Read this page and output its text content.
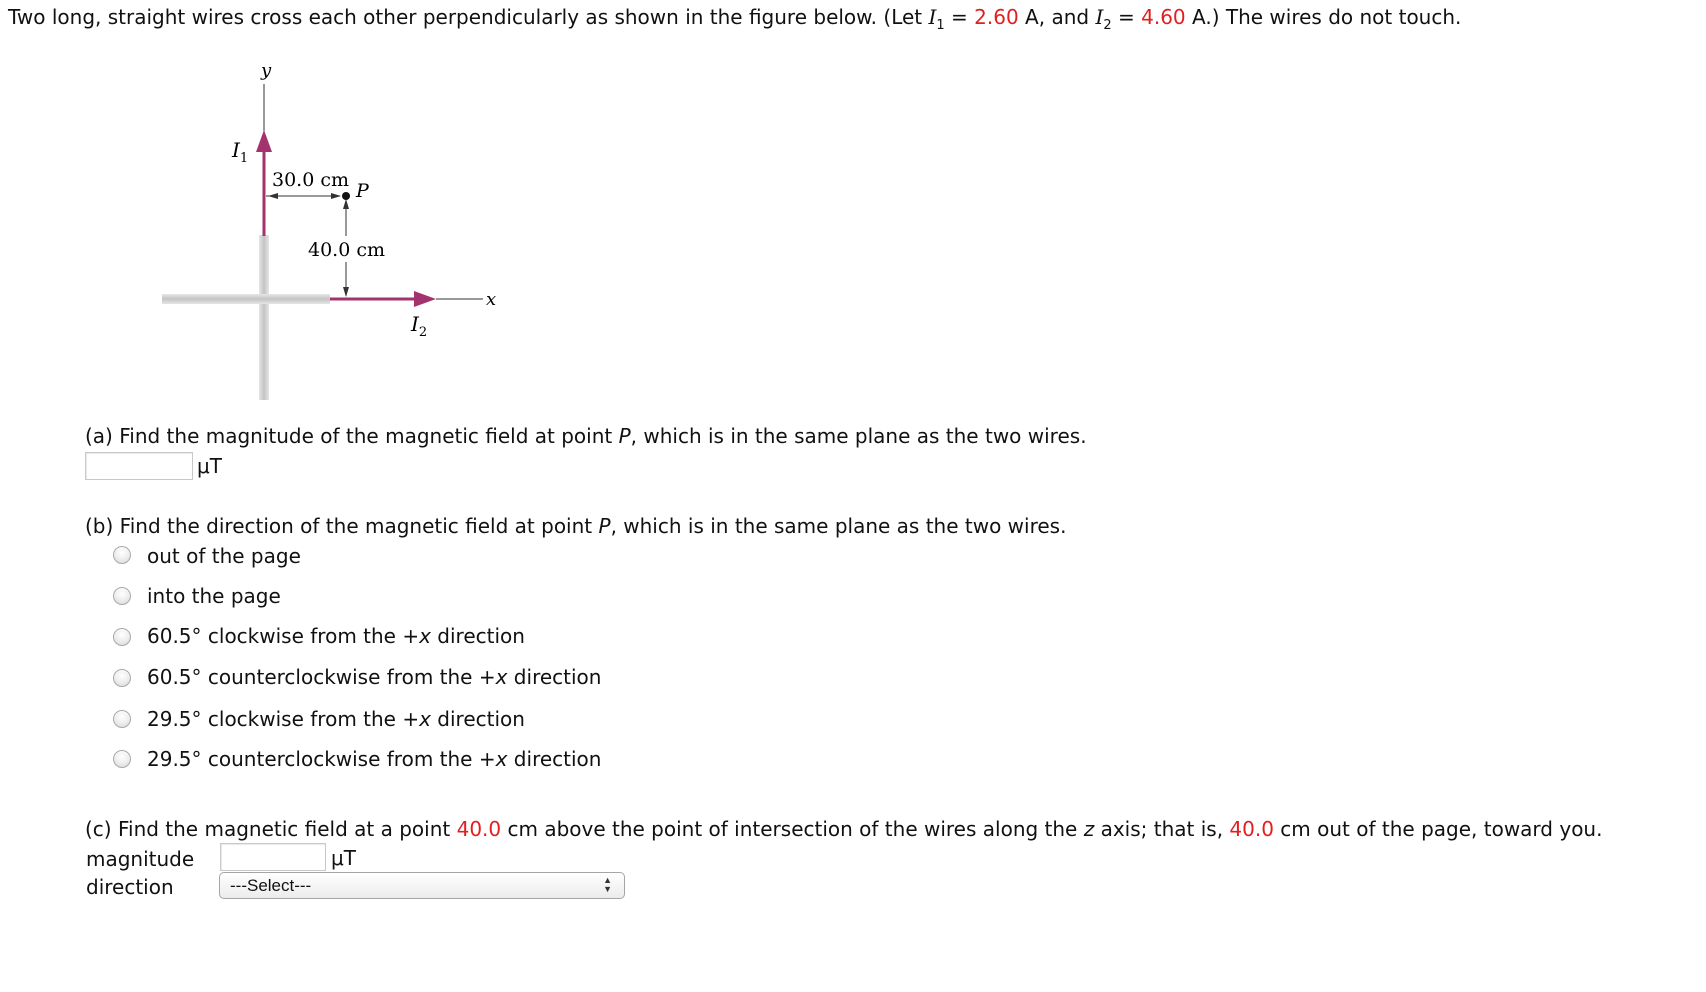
Two long, straight wires cross each other perpendicularly as shown in the figure below. (Let $I_1 = 2.60$ A, and $I_2 = 4.60$ A.) The wires do not touch.
y
x
$I_1$
$I_2$
30.0 cm
40.0 cm
P
(a) Find the magnitude of the magnetic field at point P, which is in the same plane as the two wires.
μT
(b) Find the direction of the magnetic field at point P, which is in the same plane as the two wires.
out of the page
into the page
60.5° clockwise from the +x direction
60.5° counterclockwise from the +x direction
29.5° clockwise from the +x direction
29.5° counterclockwise from the +x direction
(c) Find the magnetic field at a point 40.0 cm above the point of intersection of the wires along the z axis; that is, 40.0 cm out of the page, toward you.
magnitude	μT
direction	---Select---	▲
▼
